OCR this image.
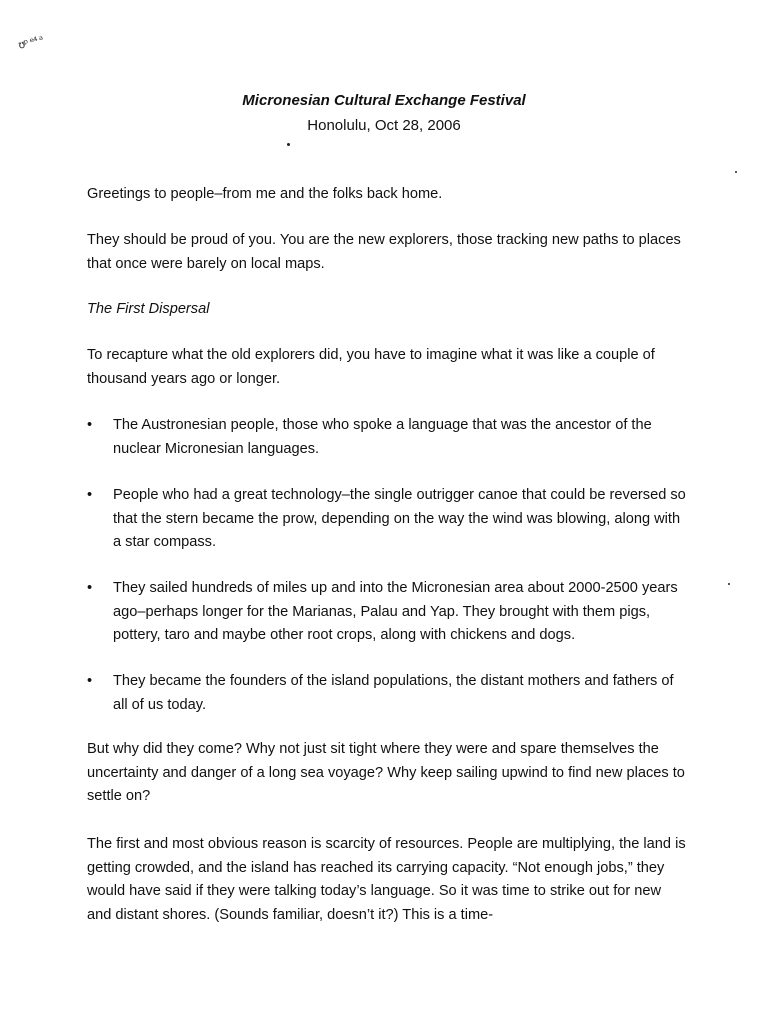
ʊ͏ᵖ ᵉ⁴ ᵃ
Micronesian Cultural Exchange Festival
Honolulu, Oct 28, 2006

Greetings to people–from me and the folks back home.

They should be proud of you. You are the new explorers, those tracking new paths to places that once were barely on local maps.

The First Dispersal

To recapture what the old explorers did, you have to imagine what it was like a couple of thousand years ago or longer.

• The Austronesian people, those who spoke a language that was the ancestor of the nuclear Micronesian languages.

• People who had a great technology–the single outrigger canoe that could be reversed so that the stern became the prow, depending on the way the wind was blowing, along with a star compass.

• They sailed hundreds of miles up and into the Micronesian area about 2000-2500 years ago–perhaps longer for the Marianas, Palau and Yap. They brought with them pigs, pottery, taro and maybe other root crops, along with chickens and dogs.

• They became the founders of the island populations, the distant mothers and fathers of all of us today.

But why did they come? Why not just sit tight where they were and spare themselves the uncertainty and danger of a long sea voyage? Why keep sailing upwind to find new places to settle on?

The first and most obvious reason is scarcity of resources. People are multiplying, the land is getting crowded, and the island has reached its carrying capacity. “Not enough jobs,” they would have said if they were talking today’s language. So it was time to strike out for new and distant shores. (Sounds familiar, doesn’t it?) This is a time-
